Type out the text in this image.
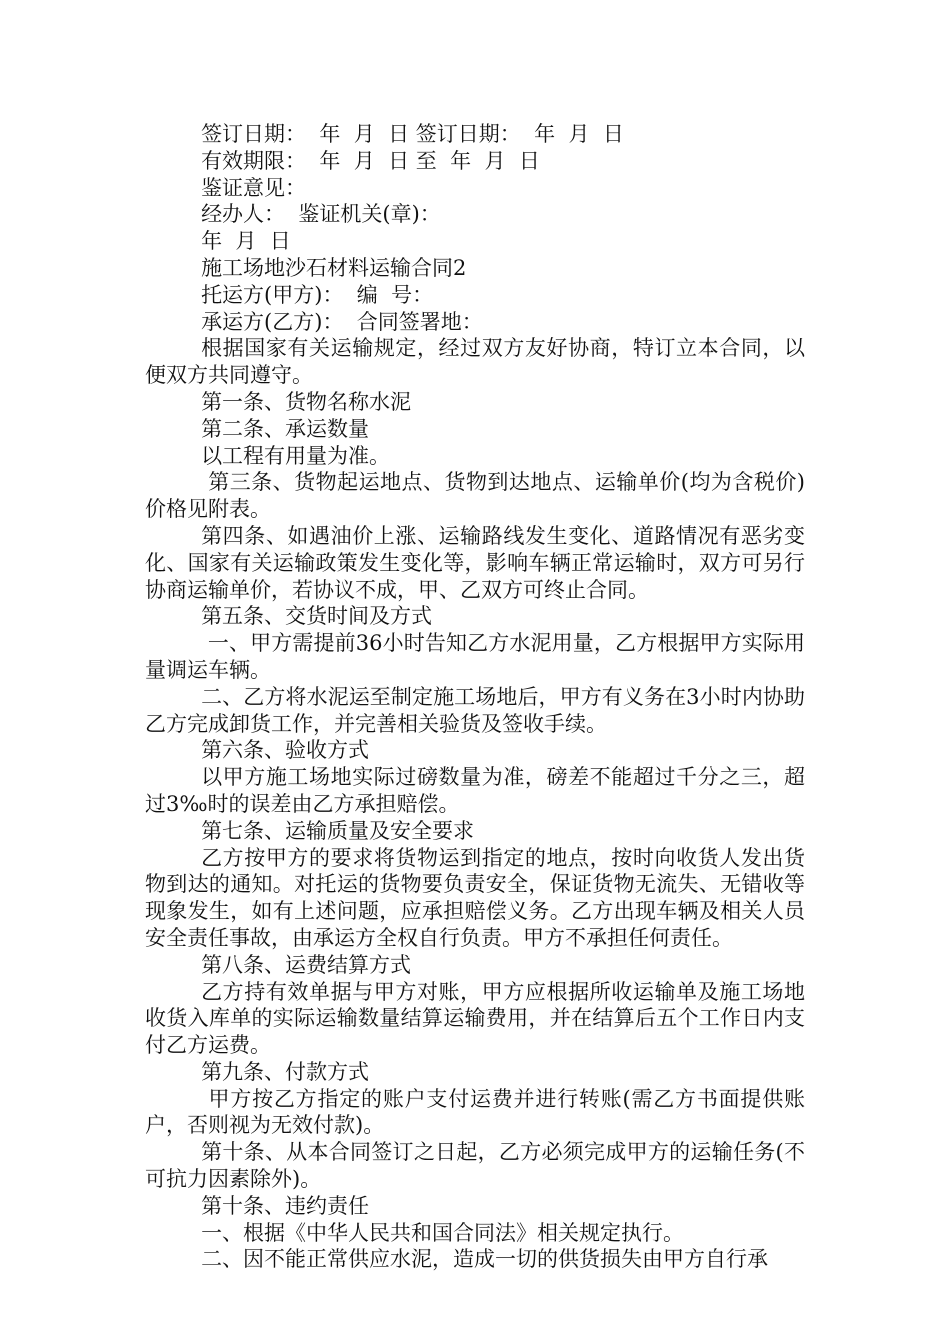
签订日期：  年  月  日 签订日期：  年  月  日

有效期限：  年  月  日 至  年  月  日

鉴证意见：

经办人：  鉴证机关(章)：

年  月  日

施工场地沙石材料运输合同2

托运方(甲方)：  编  号：

承运方(乙方)：  合同签署地：

根据国家有关运输规定，经过双方友好协商，特订立本合同，以便双方共同遵守。

第一条、货物名称水泥

第二条、承运数量

以工程有用量为准。

第三条、货物起运地点、货物到达地点、运输单价(均为含税价)价格见附表。

第四条、如遇油价上涨、运输路线发生变化、道路情况有恶劣变化、国家有关运输政策发生变化等，影响车辆正常运输时，双方可另行协商运输单价，若协议不成，甲、乙双方可终止合同。

第五条、交货时间及方式

一、甲方需提前36小时告知乙方水泥用量，乙方根据甲方实际用量调运车辆。

二、乙方将水泥运至制定施工场地后，甲方有义务在3小时内协助乙方完成卸货工作，并完善相关验货及签收手续。

第六条、验收方式

以甲方施工场地实际过磅数量为准，磅差不能超过千分之三，超过3‰时的误差由乙方承担赔偿。

第七条、运输质量及安全要求

乙方按甲方的要求将货物运到指定的地点，按时向收货人发出货物到达的通知。对托运的货物要负责安全，保证货物无流失、无错收等现象发生，如有上述问题，应承担赔偿义务。乙方出现车辆及相关人员安全责任事故，由承运方全权自行负责。甲方不承担任何责任。

第八条、运费结算方式

乙方持有效单据与甲方对账，甲方应根据所收运输单及施工场地收货入库单的实际运输数量结算运输费用，并在结算后五个工作日内支付乙方运费。

第九条、付款方式

甲方按乙方指定的账户支付运费并进行转账(需乙方书面提供账户，否则视为无效付款)。

第十条、从本合同签订之日起，乙方必须完成甲方的运输任务(不可抗力因素除外)。

第十条、违约责任

一、根据《中华人民共和国合同法》相关规定执行。

二、因不能正常供应水泥，造成一切的供货损失由甲方自行承
